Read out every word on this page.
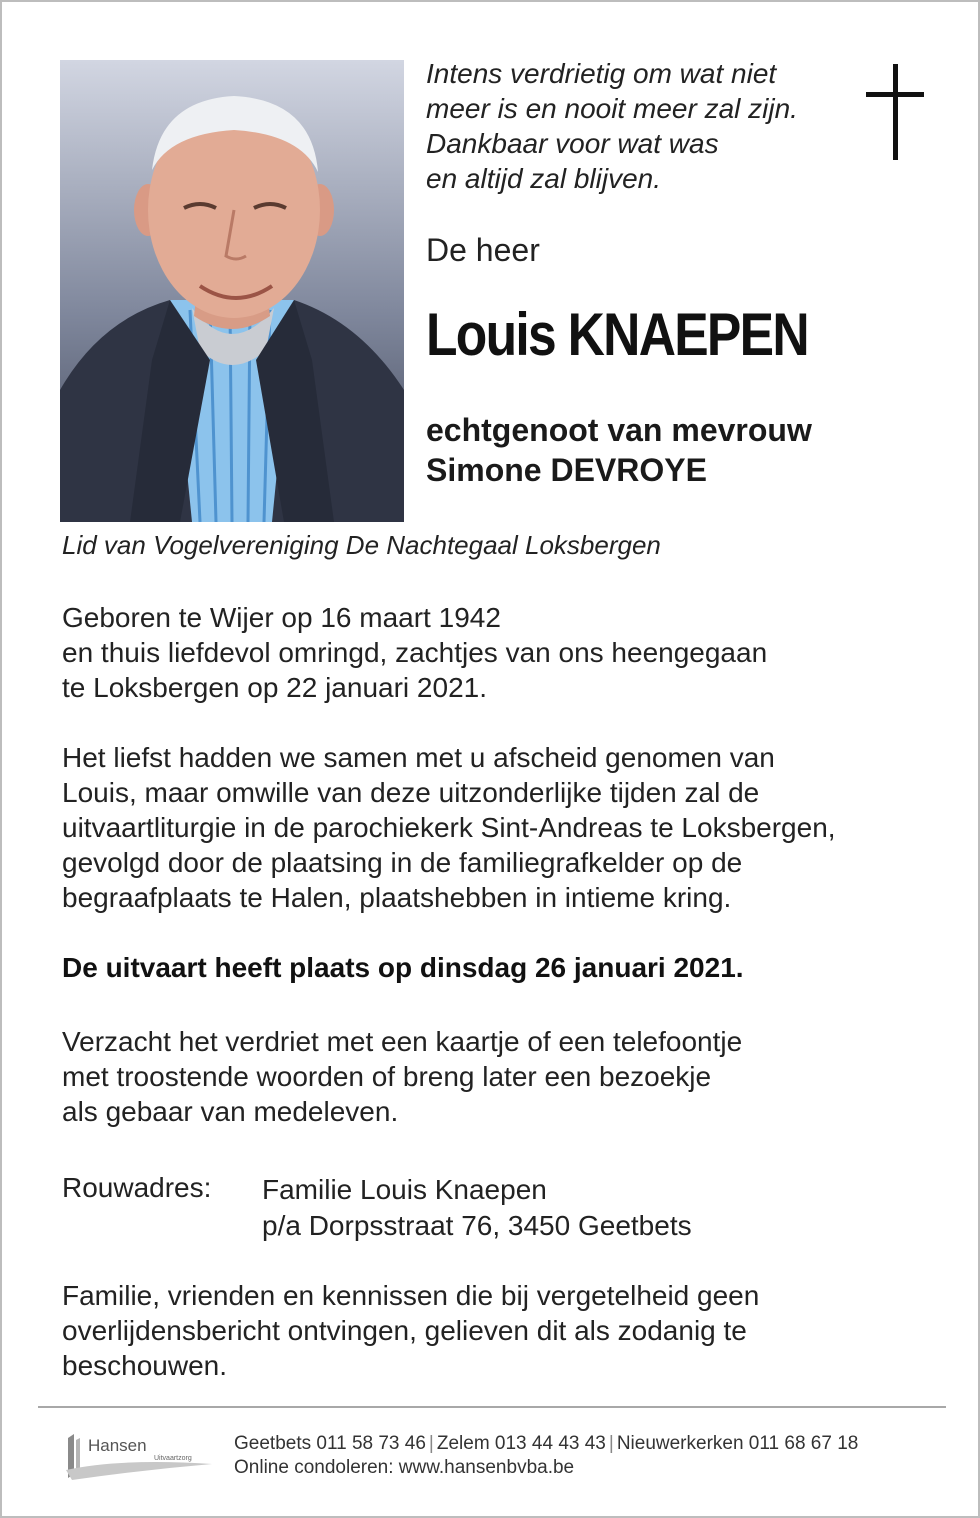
Intens verdrietig om wat niet
meer is en nooit meer zal zijn.
Dankbaar voor wat was
en altijd zal blijven.
De heer
Louis KNAEPEN
echtgenoot van mevrouw
Simone DEVROYE
Lid van Vogelvereniging De Nachtegaal Loksbergen
Geboren te Wijer op 16 maart 1942
en thuis liefdevol omringd, zachtjes van ons heengegaan
te Loksbergen op 22 januari 2021.
Het liefst hadden we samen met u afscheid genomen van
Louis, maar omwille van deze uitzonderlijke tijden zal de
uitvaartliturgie in de parochiekerk Sint-Andreas te Loksbergen,
gevolgd door de plaatsing in de familiegrafkelder op de
begraafplaats te Halen, plaatshebben in intieme kring.
De uitvaart heeft plaats op dinsdag 26 januari 2021.
Verzacht het verdriet met een kaartje of een telefoontje
met troostende woorden of breng later een bezoekje
als gebaar van medeleven.
Rouwadres: Familie Louis Knaepen
p/a Dorpsstraat 76, 3450 Geetbets
Familie, vrienden en kennissen die bij vergetelheid geen
overlijdensbericht ontvingen, gelieven dit als zodanig te
beschouwen.
Hansen
Uitvaartzorg
Geetbets 011 58 73 46 | Zelem 013 44 43 43 | Nieuwerkerken 011 68 67 18
Online condoleren: www.hansenbvba.be
